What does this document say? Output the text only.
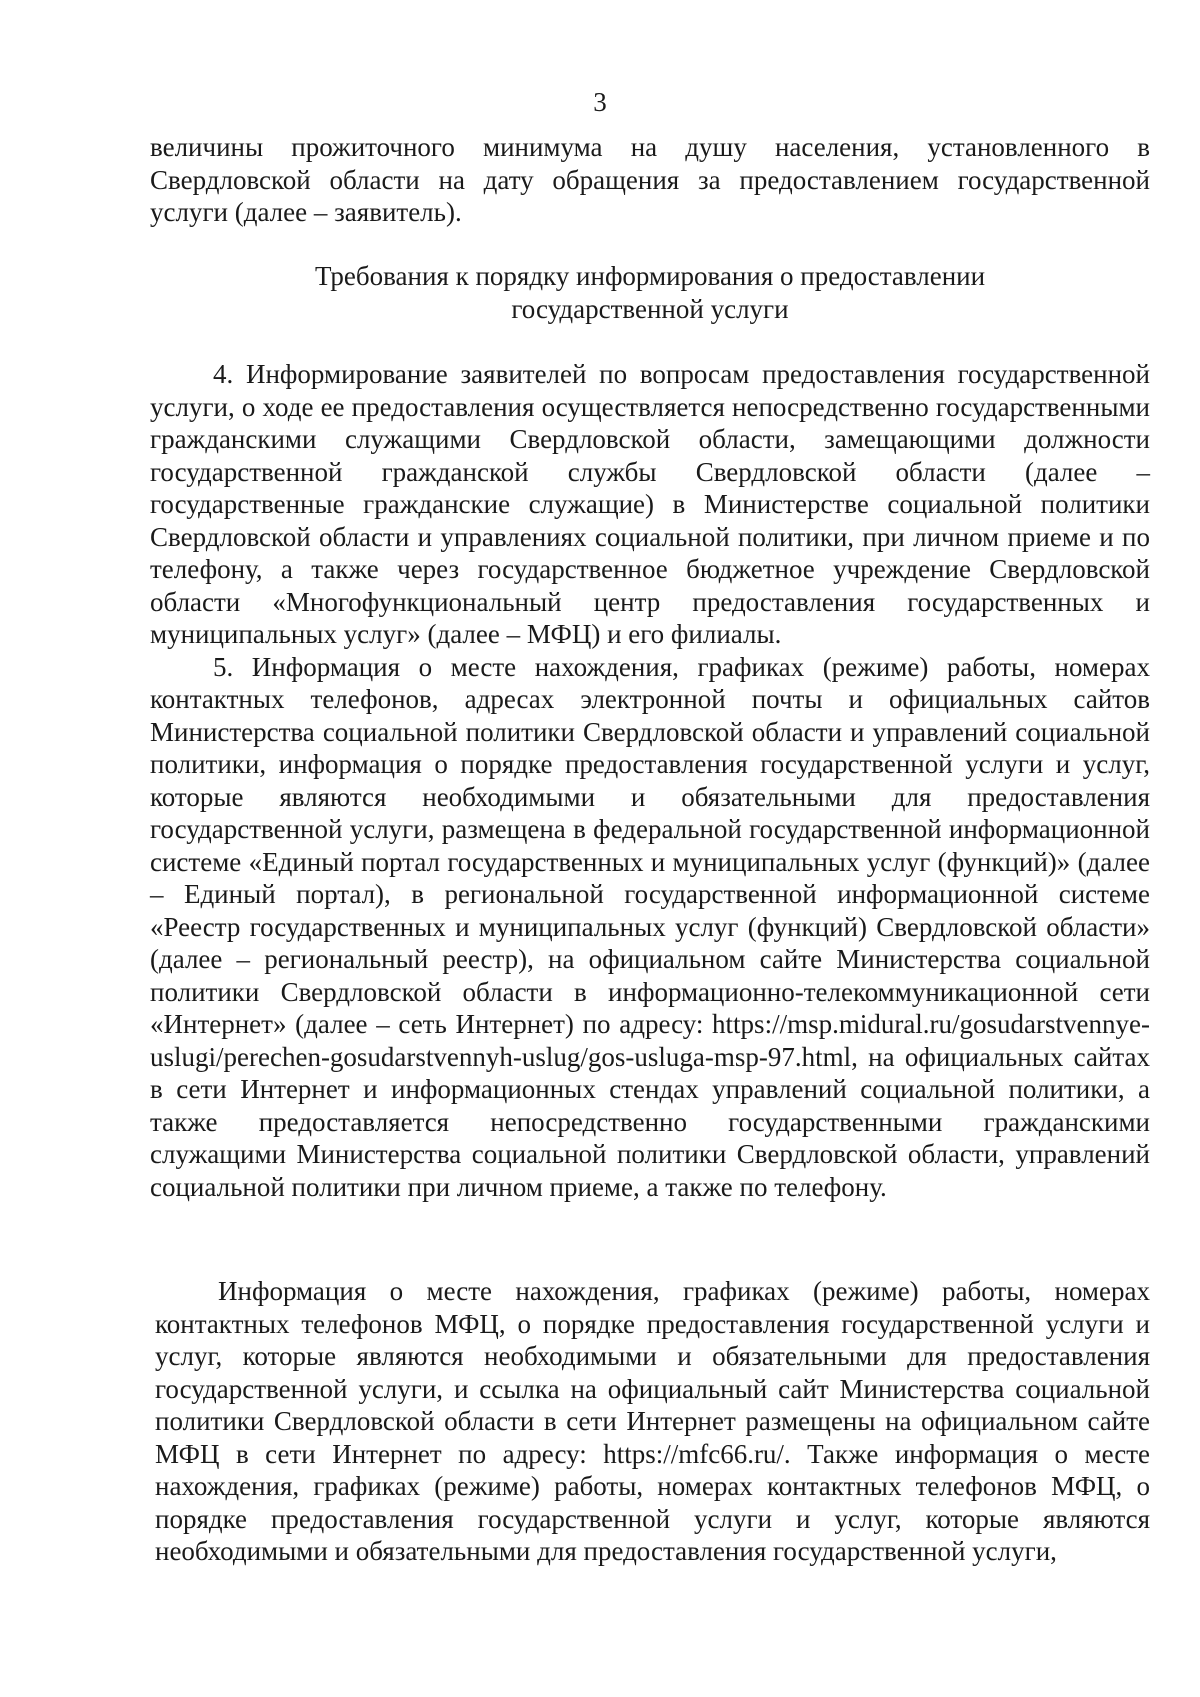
3

величины прожиточного минимума на душу населения, установленного в Свердловской области на дату обращения за предоставлением государственной услуги (далее – заявитель).

Требования к порядку информирования о предоставлении
государственной услуги

4. Информирование заявителей по вопросам предоставления государственной услуги, о ходе ее предоставления осуществляется непосредственно государственными гражданскими служащими Свердловской области, замещающими должности государственной гражданской службы Свердловской области (далее – государственные гражданские служащие) в Министерстве социальной политики Свердловской области и управлениях социальной политики, при личном приеме и по телефону, а также через государственное бюджетное учреждение Свердловской области «Многофункциональный центр предоставления государственных и муниципальных услуг» (далее – МФЦ) и его филиалы.

5. Информация о месте нахождения, графиках (режиме) работы, номерах контактных телефонов, адресах электронной почты и официальных сайтов Министерства социальной политики Свердловской области и управлений социальной политики, информация о порядке предоставления государственной услуги и услуг, которые являются необходимыми и обязательными для предоставления государственной услуги, размещена в федеральной государственной информационной системе «Единый портал государственных и муниципальных услуг (функций)» (далее – Единый портал), в региональной государственной информационной системе «Реестр государственных и муниципальных услуг (функций) Свердловской области» (далее – региональный реестр), на официальном сайте Министерства социальной политики Свердловской области в информационно-телекоммуникационной сети «Интернет» (далее – сеть Интернет) по адресу: https://msp.midural.ru/gosudarstvennye-uslugi/perechen-gosudarstvennyh-uslug/gos-usluga-msp-97.html, на официальных сайтах в сети Интернет и информационных стендах управлений социальной политики, а также предоставляется непосредственно государственными гражданскими служащими Министерства социальной политики Свердловской области, управлений социальной политики при личном приеме, а также по телефону.

Информация о месте нахождения, графиках (режиме) работы, номерах контактных телефонов МФЦ, о порядке предоставления государственной услуги и услуг, которые являются необходимыми и обязательными для предоставления государственной услуги, и ссылка на официальный сайт Министерства социальной политики Свердловской области в сети Интернет размещены на официальном сайте МФЦ в сети Интернет по адресу: https://mfc66.ru/. Также информация о месте нахождения, графиках (режиме) работы, номерах контактных телефонов МФЦ, о порядке предоставления государственной услуги и услуг, которые являются необходимыми и обязательными для предоставления государственной услуги,
